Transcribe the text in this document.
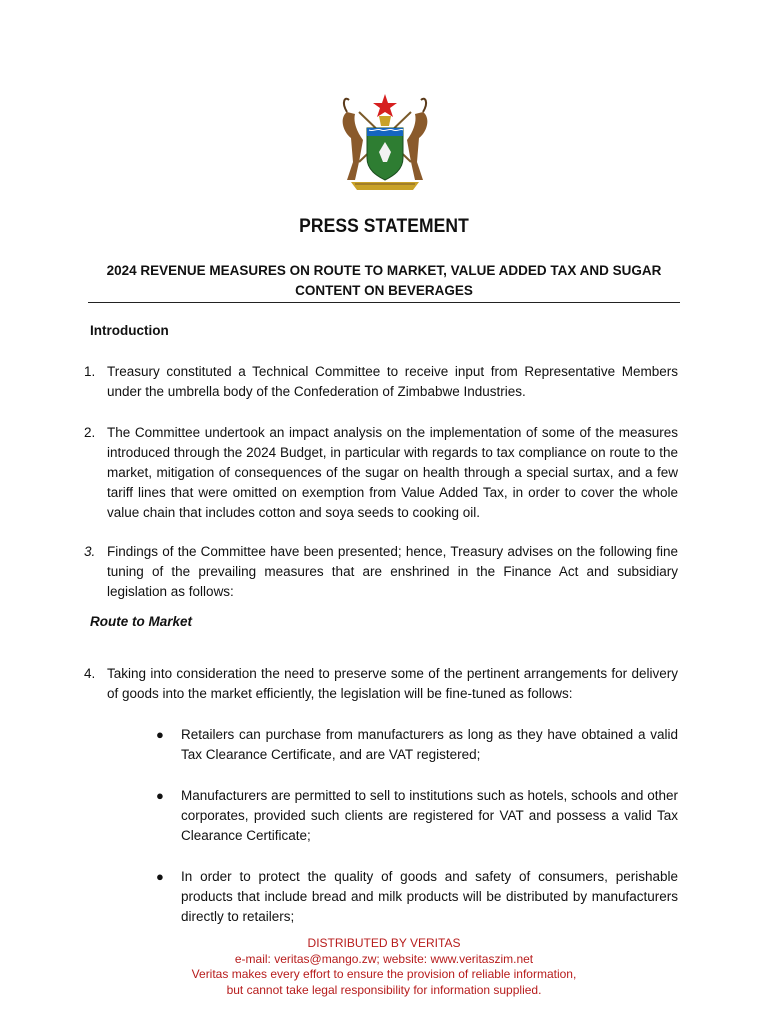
PRESS STATEMENT
2024 REVENUE MEASURES ON ROUTE TO MARKET, VALUE ADDED TAX AND SUGAR CONTENT ON BEVERAGES
Introduction
1. Treasury constituted a Technical Committee to receive input from Representative Members under the umbrella body of the Confederation of Zimbabwe Industries.
2. The Committee undertook an impact analysis on the implementation of some of the measures introduced through the 2024 Budget, in particular with regards to tax compliance on route to the market, mitigation of consequences of the sugar on health through a special surtax, and a few tariff lines that were omitted on exemption from Value Added Tax, in order to cover the whole value chain that includes cotton and soya seeds to cooking oil.
3. Findings of the Committee have been presented; hence, Treasury advises on the following fine tuning of the prevailing measures that are enshrined in the Finance Act and subsidiary legislation as follows:
Route to Market
4. Taking into consideration the need to preserve some of the pertinent arrangements for delivery of goods into the market efficiently, the legislation will be fine-tuned as follows:
● Retailers can purchase from manufacturers as long as they have obtained a valid Tax Clearance Certificate, and are VAT registered;
● Manufacturers are permitted to sell to institutions such as hotels, schools and other corporates, provided such clients are registered for VAT and possess a valid Tax Clearance Certificate;
● In order to protect the quality of goods and safety of consumers, perishable products that include bread and milk products will be distributed by manufacturers directly to retailers;
DISTRIBUTED BY VERITAS
e-mail: veritas@mango.zw; website: www.veritaszim.net
Veritas makes every effort to ensure the provision of reliable information,
but cannot take legal responsibility for information supplied.
